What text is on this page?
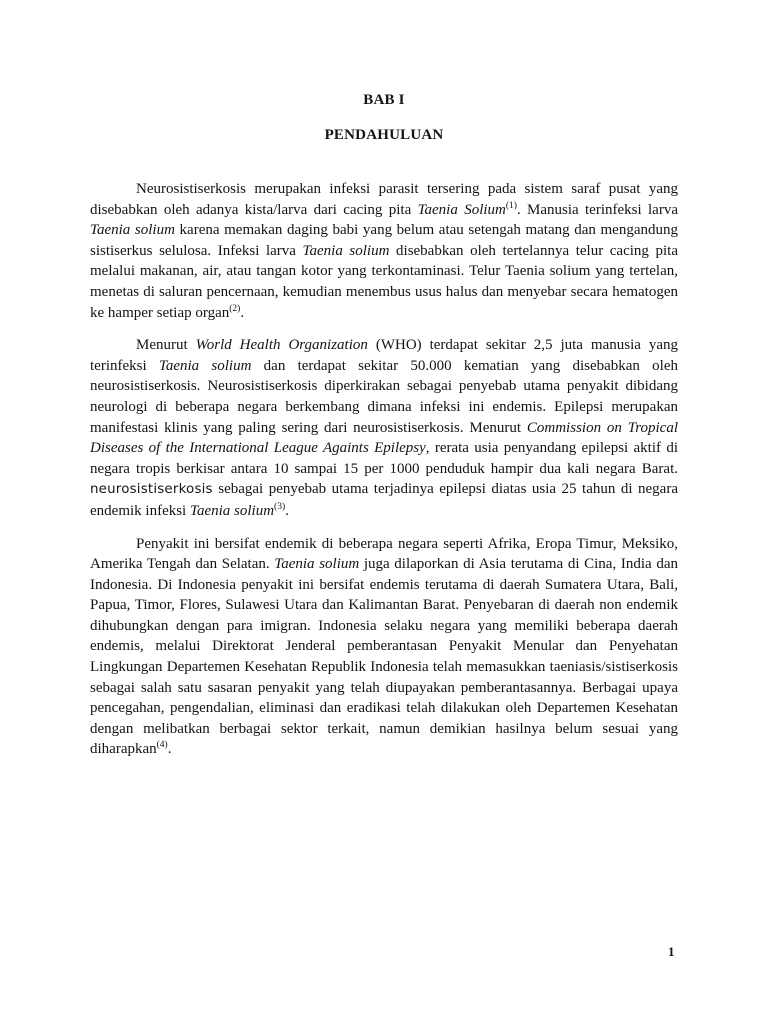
BAB I
PENDAHULUAN

Neurosistiserkosis merupakan infeksi parasit tersering pada sistem saraf pusat yang disebabkan oleh adanya kista/larva dari cacing pita Taenia Solium$^{(1)}$. Manusia terinfeksi larva Taenia solium karena memakan daging babi yang belum atau setengah matang dan mengandung sistiserkus selulosa. Infeksi larva Taenia solium disebabkan oleh tertelannya telur cacing pita melalui makanan, air, atau tangan kotor yang terkontaminasi. Telur Taenia solium yang tertelan, menetas di saluran pencernaan, kemudian menembus usus halus dan menyebar secara hematogen ke hamper setiap organ$^{(2)}$.

Menurut World Health Organization (WHO) terdapat sekitar 2,5 juta manusia yang terinfeksi Taenia solium dan terdapat sekitar 50.000 kematian yang disebabkan oleh neurosistiserkosis. Neurosistiserkosis diperkirakan sebagai penyebab utama penyakit dibidang neurologi di beberapa negara berkembang dimana infeksi ini endemis. Epilepsi merupakan manifestasi klinis yang paling sering dari neurosistiserkosis. Menurut Commission on Tropical Diseases of the International League Againts Epilepsy, rerata usia penyandang epilepsi aktif di negara tropis berkisar antara 10 sampai 15 per 1000 penduduk hampir dua kali negara Barat. neurosistiserkosis sebagai penyebab utama terjadinya epilepsi diatas usia 25 tahun di negara endemik infeksi Taenia solium$^{(3)}$.

Penyakit ini bersifat endemik di beberapa negara seperti Afrika, Eropa Timur, Meksiko, Amerika Tengah dan Selatan. Taenia solium juga dilaporkan di Asia terutama di Cina, India dan Indonesia. Di Indonesia penyakit ini bersifat endemis terutama di daerah Sumatera Utara, Bali, Papua, Timor, Flores, Sulawesi Utara dan Kalimantan Barat. Penyebaran di daerah non endemik dihubungkan dengan para imigran. Indonesia selaku negara yang memiliki beberapa daerah endemis, melalui Direktorat Jenderal pemberantasan Penyakit Menular dan Penyehatan Lingkungan Departemen Kesehatan Republik Indonesia telah memasukkan taeniasis/sistiserkosis sebagai salah satu sasaran penyakit yang telah diupayakan pemberantasannya. Berbagai upaya pencegahan, pengendalian, eliminasi dan eradikasi telah dilakukan oleh Departemen Kesehatan dengan melibatkan berbagai sektor terkait, namun demikian hasilnya belum sesuai yang diharapkan$^{(4)}$.

1
